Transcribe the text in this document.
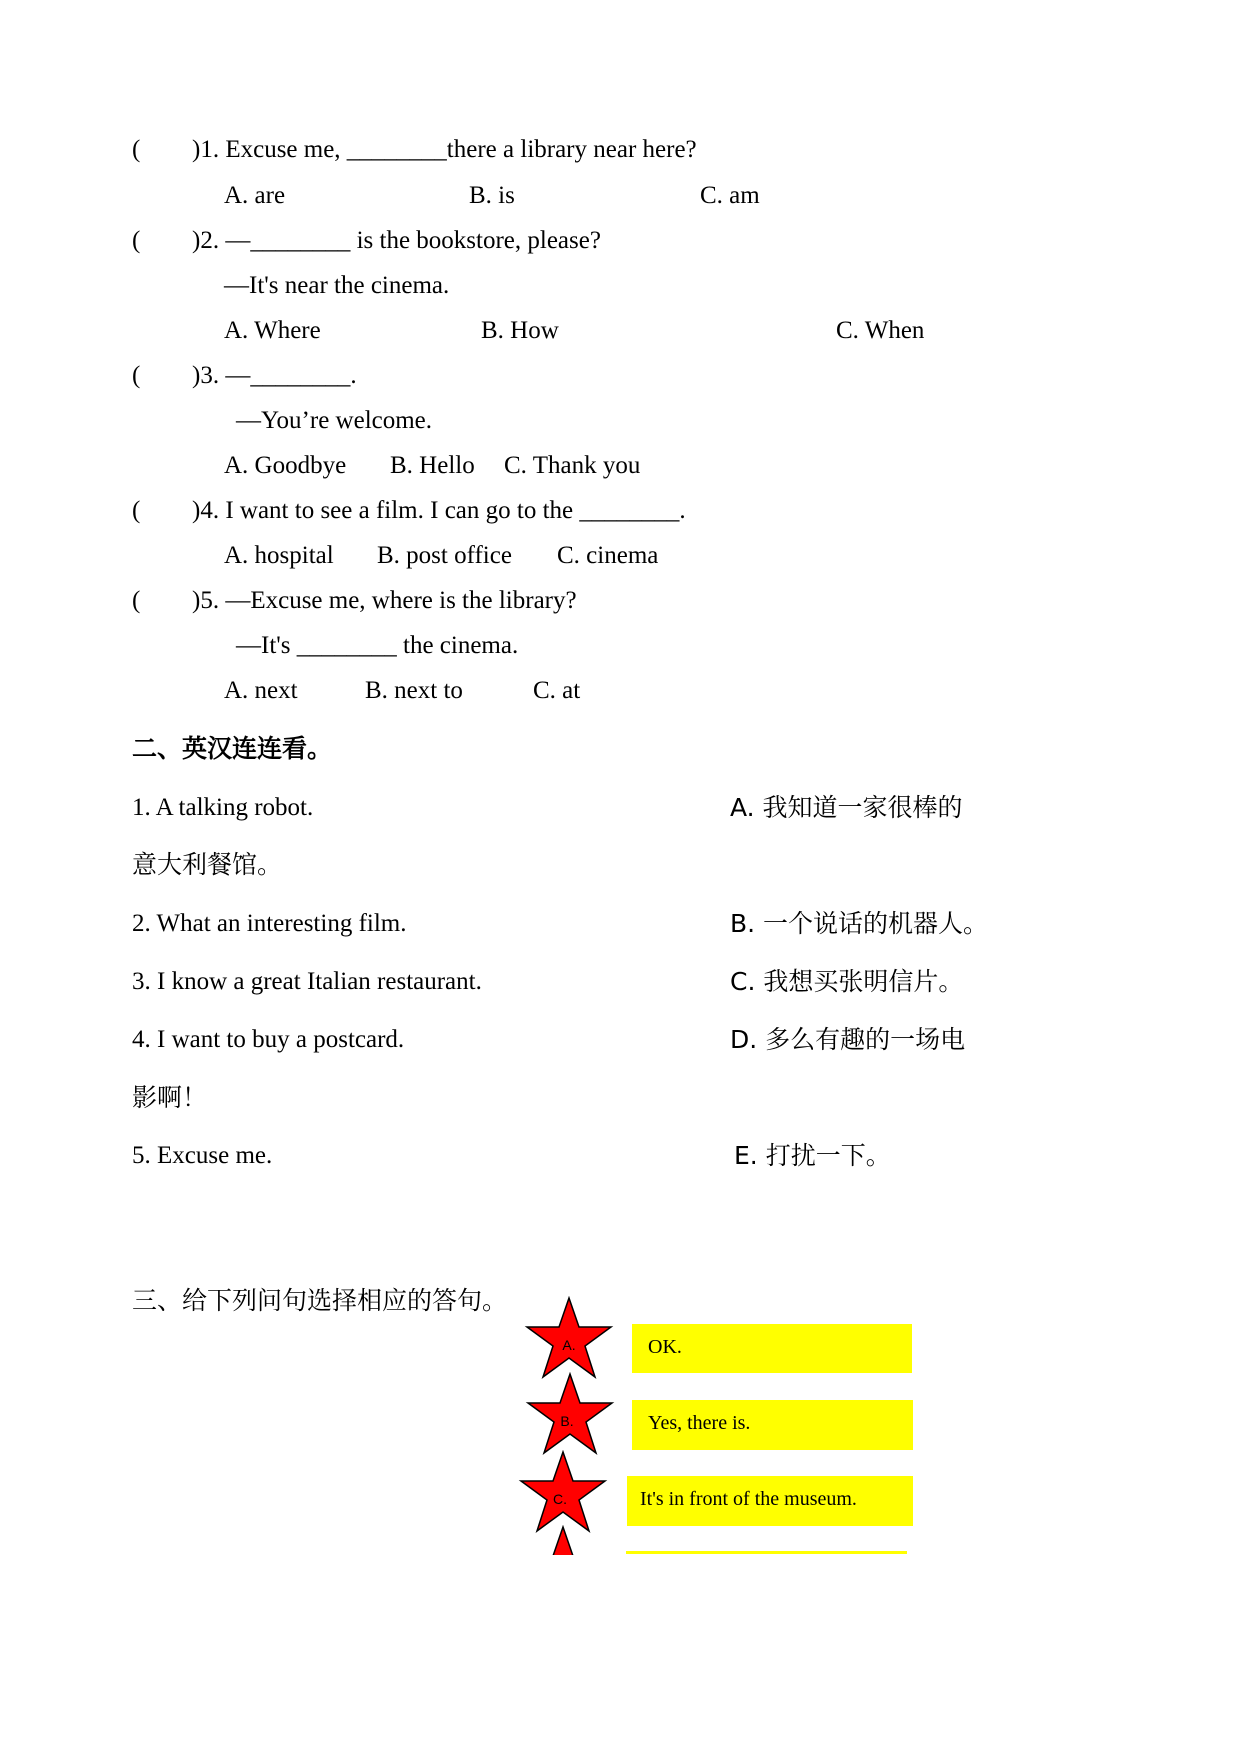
( )1. Excuse me, ________there a library near here?
A. are	B. is	C. am
( )2. —________ is the bookstore, please?
—It's near the cinema.
A. Where	B. How	C. When
( )3. —________.
—You’re welcome.
A. Goodbye B. Hello C. Thank you
( )4. I want to see a film. I can go to the ________.
A. hospital B. post office C. cinema
( )5. —Excuse me, where is the library?
—It's ________ the cinema.
A. next	B. next to	C. at
二、英汉连连看。
1. A talking robot.	A. 我知道一家很棒的
意大利餐馆。
2. What an interesting film.	B. 一个说话的机器人。
3. I know a great Italian restaurant.	C. 我想买张明信片。
4. I want to buy a postcard.	D. 多么有趣的一场电
影啊！
5. Excuse me.	E. 打扰一下。
三、给下列问句选择相应的答句。
A.	OK.
B.	Yes, there is.
C.	It's in front of the museum.
